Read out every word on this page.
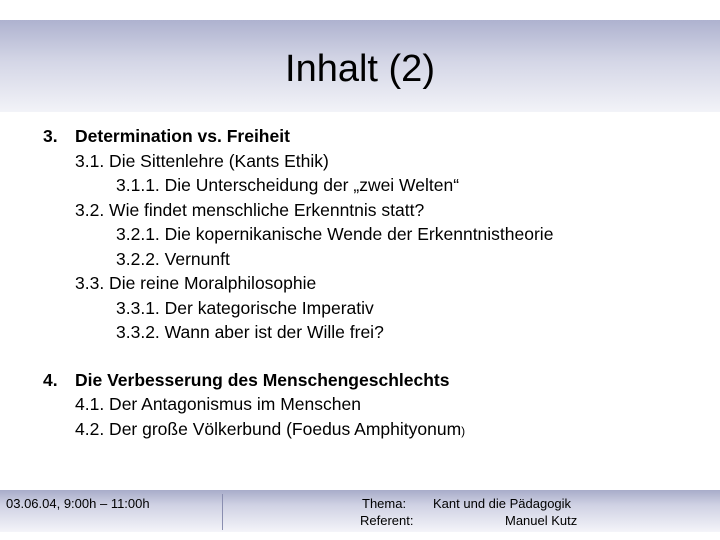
Inhalt (2)
3. Determination vs. Freiheit
3.1. Die Sittenlehre (Kants Ethik)
3.1.1. Die Unterscheidung der „zwei Welten“
3.2. Wie findet menschliche Erkenntnis statt?
3.2.1. Die kopernikanische Wende der Erkenntnistheorie
3.2.2. Vernunft
3.3. Die reine Moralphilosophie
3.3.1. Der kategorische Imperativ
3.3.2. Wann aber ist der Wille frei?
4. Die Verbesserung des Menschengeschlechts
4.1. Der Antagonismus im Menschen
4.2. Der große Völkerbund (Foedus Amphityonum)
03.06.04, 9:00h – 11:00h	Thema: Kant und die Pädagogik
Referent:	Manuel Kutz
